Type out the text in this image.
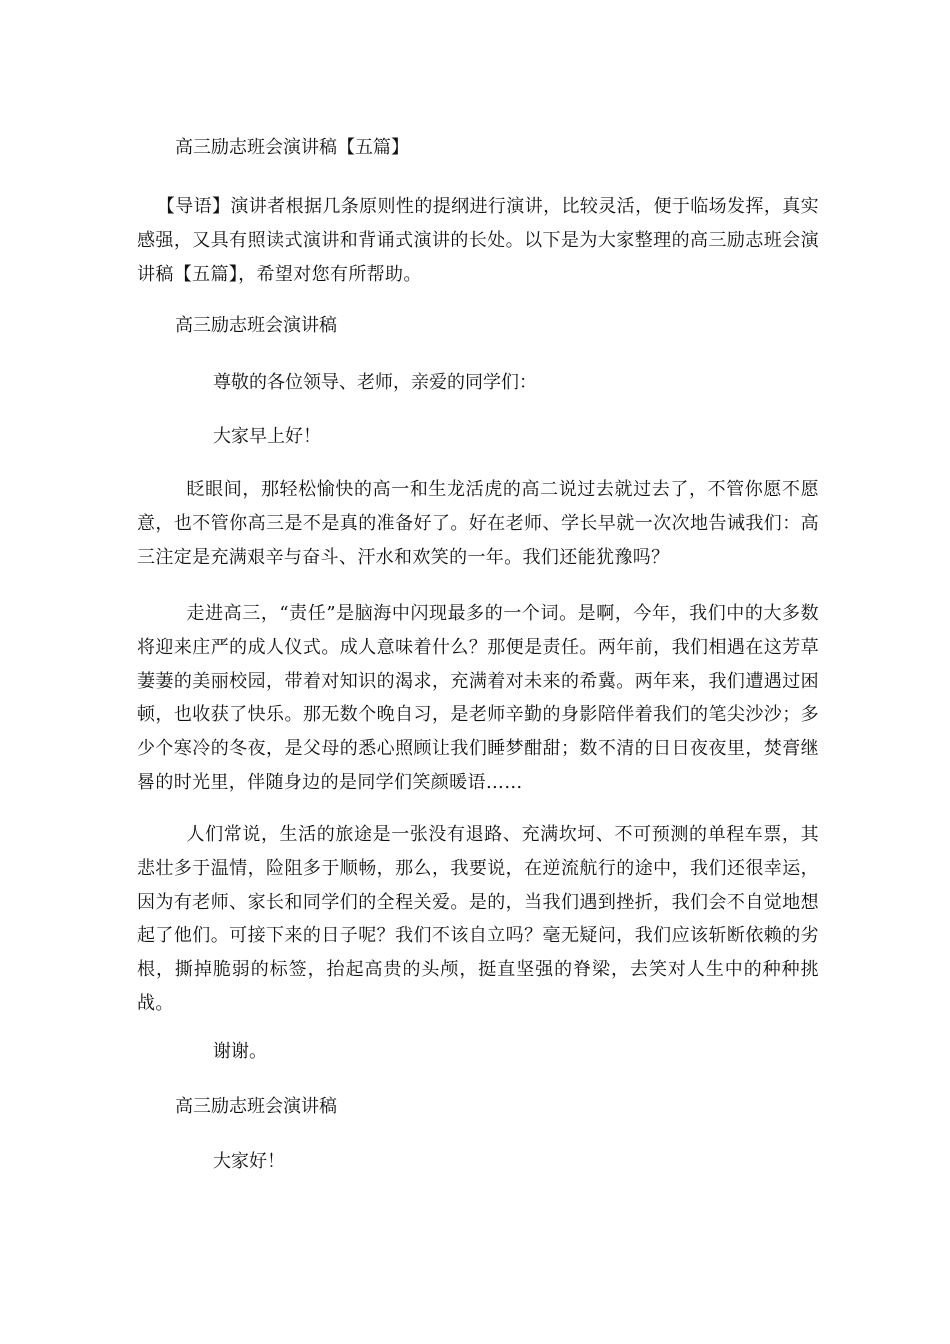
高三励志班会演讲稿【五篇】
【导语】演讲者根据几条原则性的提纲进行演讲，比较灵活，便于临场发挥，真实感强，又具有照读式演讲和背诵式演讲的长处。以下是为大家整理的高三励志班会演讲稿【五篇】，希望对您有所帮助。
高三励志班会演讲稿
尊敬的各位领导、老师，亲爱的同学们：
大家早上好！
眨眼间，那轻松愉快的高一和生龙活虎的高二说过去就过去了，不管你愿不愿意，也不管你高三是不是真的准备好了。好在老师、学长早就一次次地告诫我们：高三注定是充满艰辛与奋斗、汗水和欢笑的一年。我们还能犹豫吗？
走进高三，“责任”是脑海中闪现最多的一个词。是啊，今年，我们中的大多数将迎来庄严的成人仪式。成人意味着什么？那便是责任。两年前，我们相遇在这芳草萋萋的美丽校园，带着对知识的渴求，充满着对未来的希冀。两年来，我们遭遇过困顿，也收获了快乐。那无数个晚自习，是老师辛勤的身影陪伴着我们的笔尖沙沙；多少个寒冷的冬夜，是父母的悉心照顾让我们睡梦酣甜；数不清的日日夜夜里，焚膏继晷的时光里，伴随身边的是同学们笑颜暖语……
人们常说，生活的旅途是一张没有退路、充满坎坷、不可预测的单程车票，其悲壮多于温情，险阻多于顺畅，那么，我要说，在逆流航行的途中，我们还很幸运，因为有老师、家长和同学们的全程关爱。是的，当我们遇到挫折，我们会不自觉地想起了他们。可接下来的日子呢？我们不该自立吗？毫无疑问，我们应该斩断依赖的劣根，撕掉脆弱的标签，抬起高贵的头颅，挺直坚强的脊梁，去笑对人生中的种种挑战。
谢谢。
高三励志班会演讲稿
大家好！
